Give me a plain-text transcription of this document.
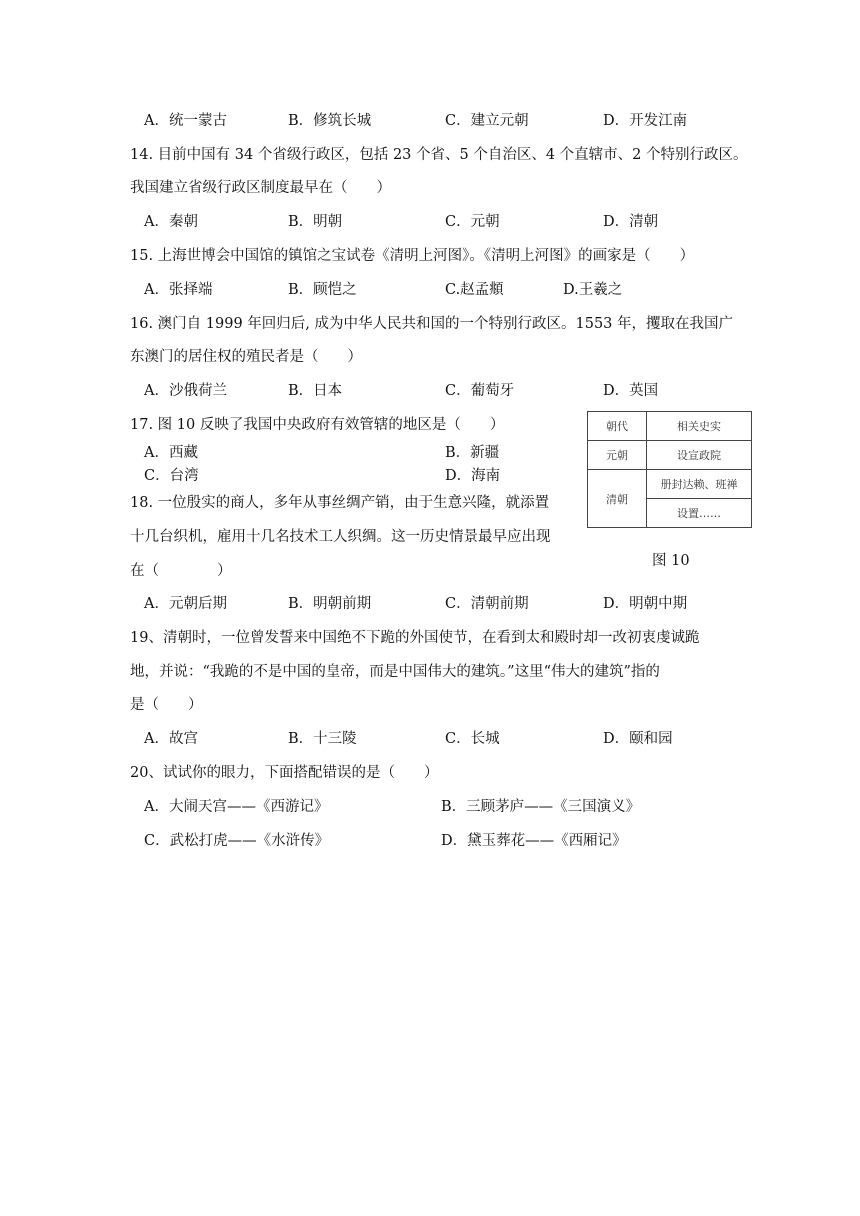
A．统一蒙古	B．修筑长城	C．建立元朝	D．开发江南
14. 目前中国有 34 个省级行政区，包括 23 个省、5 个自治区、4 个直辖市、2 个特别行政区。
我国建立省级行政区制度最早在（　　）
A．秦朝	B．明朝	C．元朝	D．清朝
15. 上海世博会中国馆的镇馆之宝试卷《清明上河图》。《清明上河图》的画家是（　　）
A．张择端	B．顾恺之	C.赵孟頫	D.王羲之
16. 澳门自 1999 年回归后, 成为中华人民共和国的一个特别行政区。1553 年，攫取在我国广
东澳门的居住权的殖民者是（　　）
A．沙俄荷兰	B．日本	C．葡萄牙	D．英国
17. 图 10 反映了我国中央政府有效管辖的地区是（　　）
A．西藏	B．新疆
C．台湾	D．海南
朝代	相关史实
元朝	设宣政院
清朝	册封达赖、班禅
	设置……
图 10
18. 一位殷实的商人，多年从事丝绸产销，由于生意兴隆，就添置
十几台织机，雇用十几名技术工人织绸。这一历史情景最早应出现
在（　　　　）
A．元朝后期	B．明朝前期	C．清朝前期	D．明朝中期
19、清朝时，一位曾发誓来中国绝不下跪的外国使节，在看到太和殿时却一改初衷虔诚跪
地，并说：“我跪的不是中国的皇帝，而是中国伟大的建筑。”这里“伟大的建筑”指的
是（　　）
A．故宫	B．十三陵	C．长城	D．颐和园
20、试试你的眼力，下面搭配错误的是（　　）
A．大闹天宫——《西游记》	B．三顾茅庐——《三国演义》
C．武松打虎——《水浒传》	D．黛玉葬花——《西厢记》
